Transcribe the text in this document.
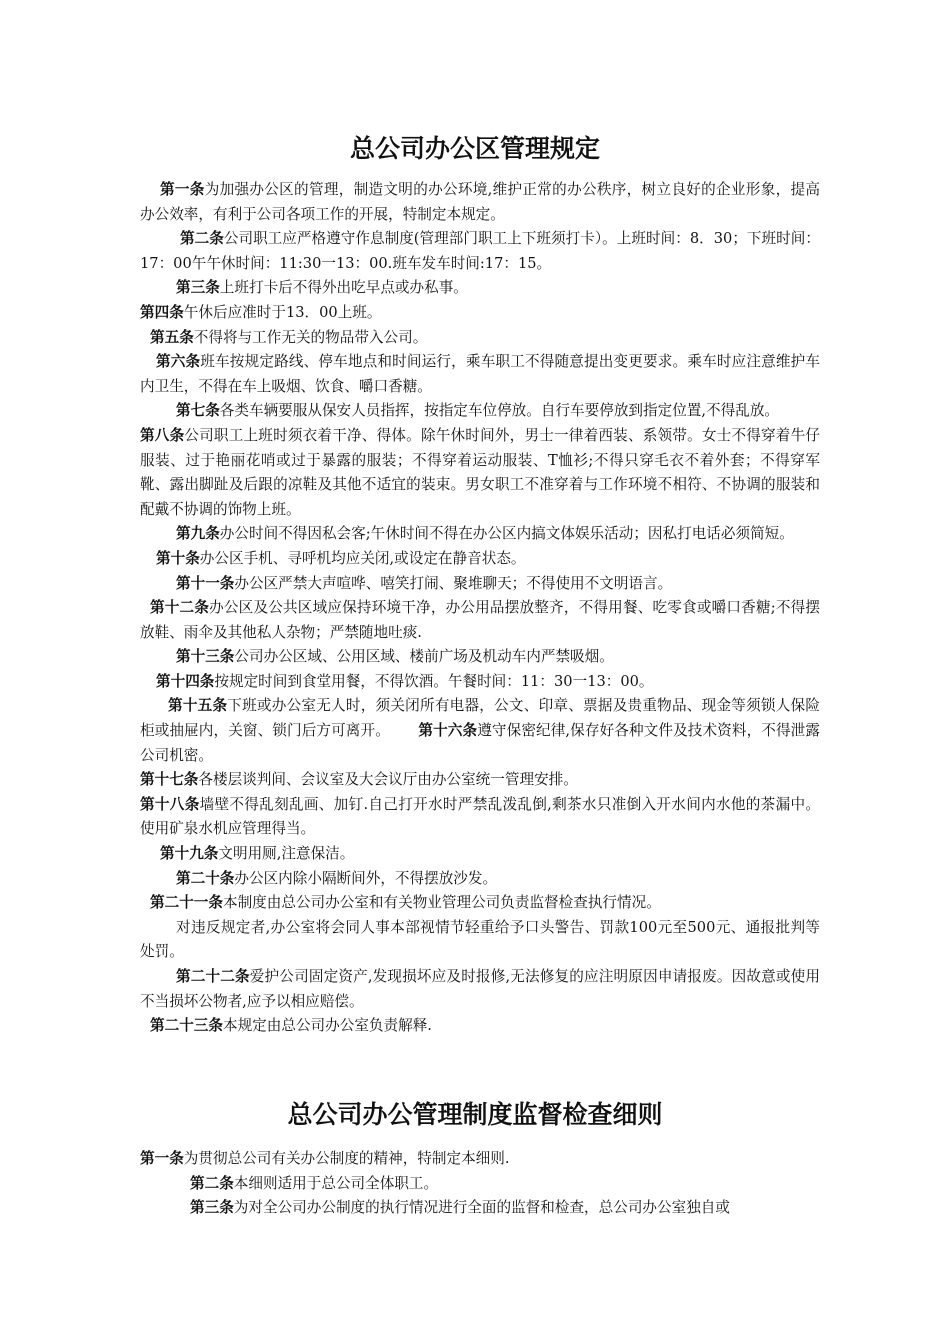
总公司办公区管理规定

第一条为加强办公区的管理，制造文明的办公环境,维护正常的办公秩序，树立良好的企业形象，提高办公效率，有利于公司各项工作的开展，特制定本规定。

第二条公司职工应严格遵守作息制度(管理部门职工上下班须打卡）。上班时间：8．30；下班时间：17：00午午休时间：11:30一13：00.班车发车时间:17：15。

第三条上班打卡后不得外出吃早点或办私事。

第四条午休后应准时于13．00上班。

第五条不得将与工作无关的物品带入公司。

第六条班车按规定路线、停车地点和时间运行，乘车职工不得随意提出变更要求。乘车时应注意维护车内卫生，不得在车上吸烟、饮食、嚼口香糖。

第七条各类车辆要服从保安人员指挥，按指定车位停放。自行车要停放到指定位置,不得乱放。

第八条公司职工上班时须衣着干净、得体。除午休时间外，男士一律着西装、系领带。女士不得穿着牛仔服装、过于艳丽花哨或过于暴露的服装；不得穿着运动服装、T恤衫;不得只穿毛衣不着外套；不得穿军靴、露出脚趾及后跟的凉鞋及其他不适宜的装束。男女职工不准穿着与工作环境不相符、不协调的服装和配戴不协调的饰物上班。

第九条办公时间不得因私会客;午休时间不得在办公区内搞文体娱乐活动；因私打电话必须简短。

第十条办公区手机、寻呼机均应关闭,或设定在静音状态。

第十一条办公区严禁大声喧哗、嘻笑打闹、聚堆聊天；不得使用不文明语言。

第十二条办公区及公共区域应保持环境干净，办公用品摆放整齐，不得用餐、吃零食或嚼口香糖;不得摆放鞋、雨伞及其他私人杂物；严禁随地吐痰.

第十三条公司办公区域、公用区域、楼前广场及机动车内严禁吸烟。

第十四条按规定时间到食堂用餐，不得饮酒。午餐时间：11：30一13：00。

第十五条下班或办公室无人时，须关闭所有电器，公文、印章、票据及贵重物品、现金等须锁人保险柜或抽屉内，关窗、锁门后方可离开。 第十六条遵守保密纪律,保存好各种文件及技术资料，不得泄露公司机密。

第十七条各楼层谈判间、会议室及大会议厅由办公室统一管理安排。

第十八条墙壁不得乱刻乱画、加钉.自己打开水时严禁乱泼乱倒,剩茶水只准倒入开水间内水他的茶漏中。使用矿泉水机应管理得当。

第十九条文明用厕,注意保洁。

第二十条办公区内除小隔断间外，不得摆放沙发。

第二十一条本制度由总公司办公室和有关物业管理公司负责监督检查执行情况。

对违反规定者,办公室将会同人事本部视情节轻重给予口头警告、罚款100元至500元、通报批判等处罚。

第二十二条爱护公司固定资产,发现损坏应及时报修,无法修复的应注明原因申请报废。因故意或使用不当损坏公物者,应予以相应赔偿。

第二十三条本规定由总公司办公室负责解释.

总公司办公管理制度监督检查细则

第一条为贯彻总公司有关办公制度的精神，特制定本细则.

第二条本细则适用于总公司全体职工。

第三条为对全公司办公制度的执行情况进行全面的监督和检查，总公司办公室独自或
